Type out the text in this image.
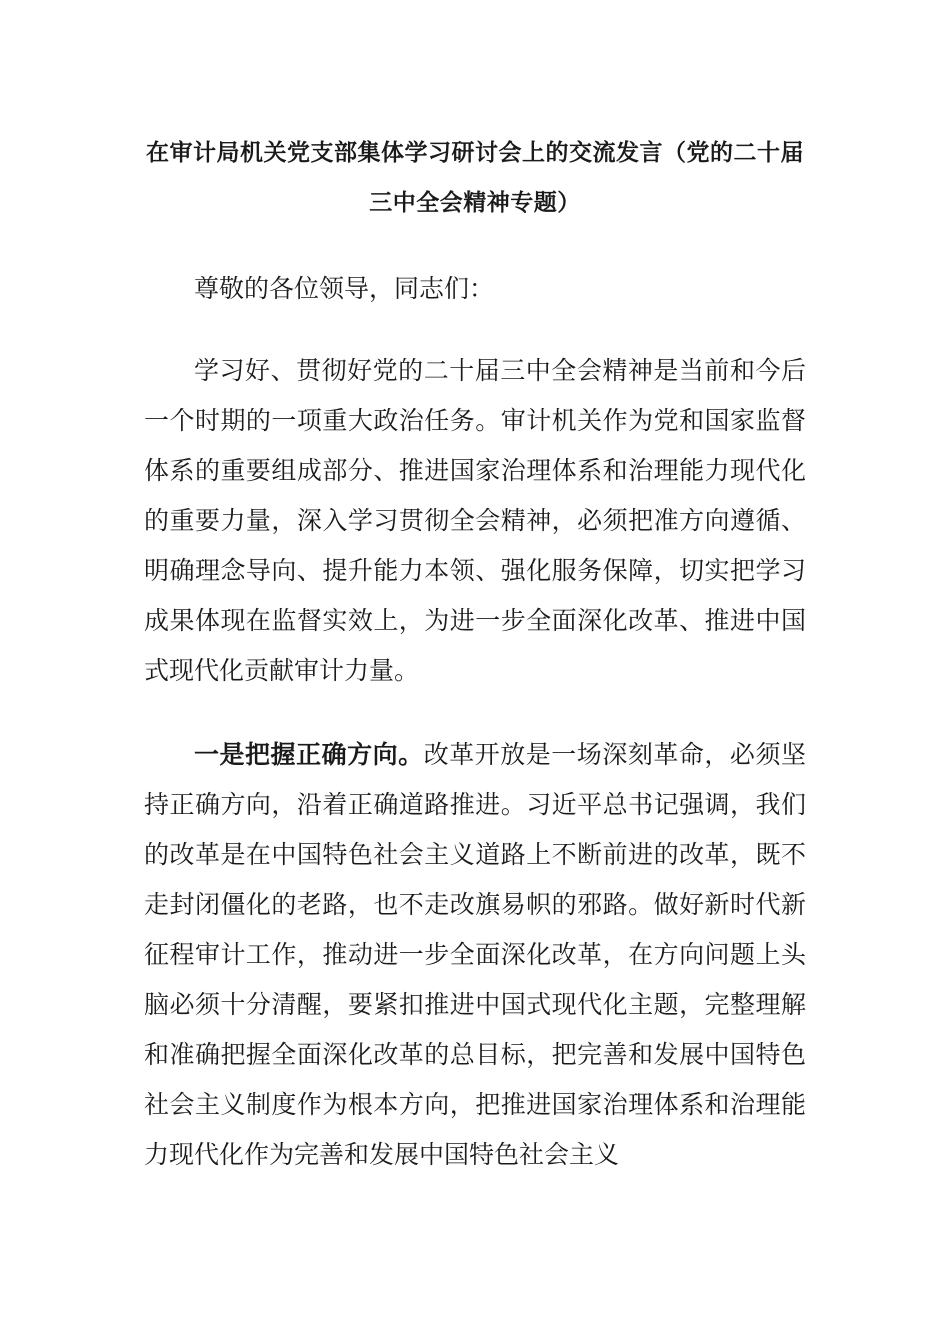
在审计局机关党支部集体学习研讨会上的交流发言（党的二十届三中全会精神专题）

尊敬的各位领导，同志们：

学习好、贯彻好党的二十届三中全会精神是当前和今后一个时期的一项重大政治任务。审计机关作为党和国家监督体系的重要组成部分、推进国家治理体系和治理能力现代化的重要力量，深入学习贯彻全会精神，必须把准方向遵循、明确理念导向、提升能力本领、强化服务保障，切实把学习成果体现在监督实效上，为进一步全面深化改革、推进中国式现代化贡献审计力量。

一是把握正确方向。改革开放是一场深刻革命，必须坚持正确方向，沿着正确道路推进。习近平总书记强调，我们的改革是在中国特色社会主义道路上不断前进的改革，既不走封闭僵化的老路，也不走改旗易帜的邪路。做好新时代新征程审计工作，推动进一步全面深化改革，在方向问题上头脑必须十分清醒，要紧扣推进中国式现代化主题，完整理解和准确把握全面深化改革的总目标，把完善和发展中国特色社会主义制度作为根本方向，把推进国家治理体系和治理能力现代化作为完善和发展中国特色社会主义
